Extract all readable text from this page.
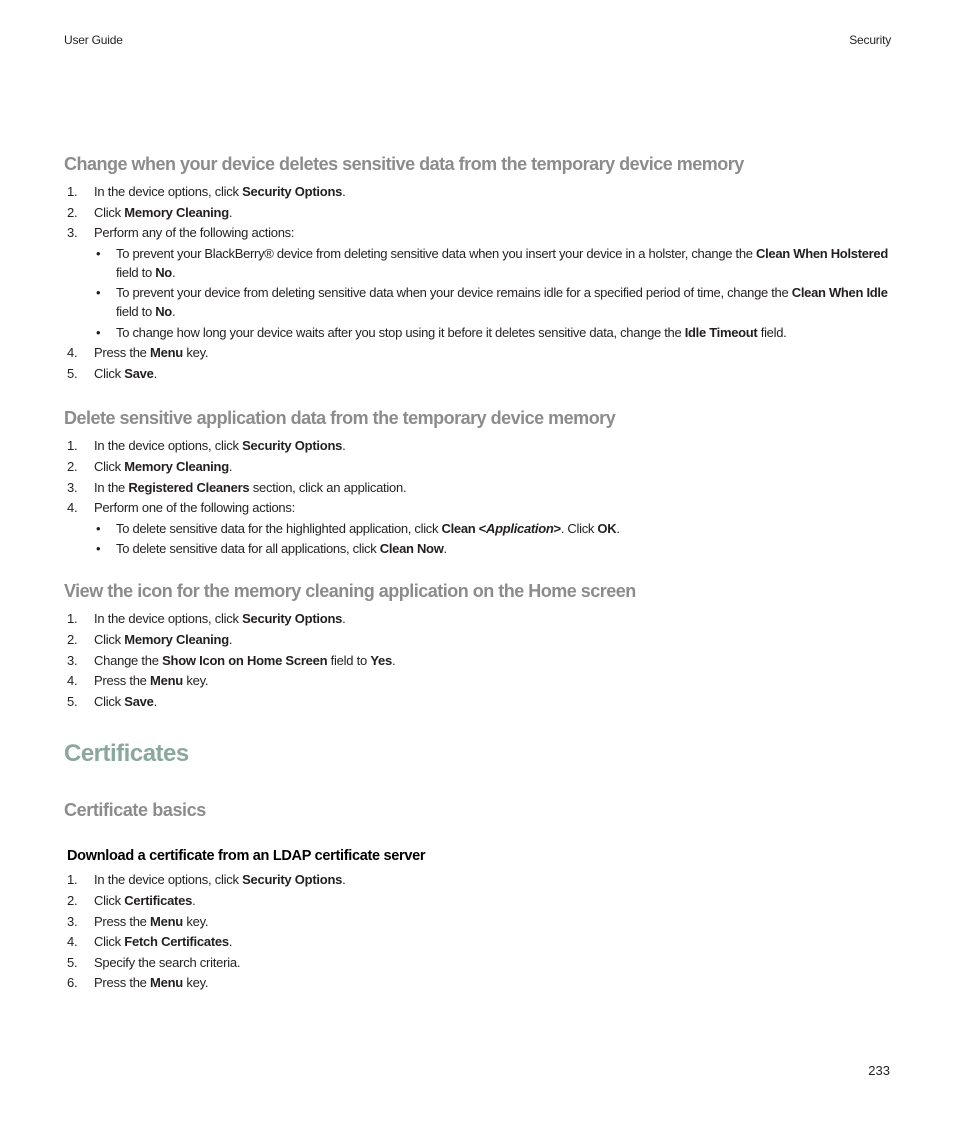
User Guide	Security
Change when your device deletes sensitive data from the temporary device memory
1. In the device options, click Security Options.
2. Click Memory Cleaning.
3. Perform any of the following actions:
• To prevent your BlackBerry® device from deleting sensitive data when you insert your device in a holster, change the Clean When Holstered field to No.
• To prevent your device from deleting sensitive data when your device remains idle for a specified period of time, change the Clean When Idle field to No.
• To change how long your device waits after you stop using it before it deletes sensitive data, change the Idle Timeout field.
4. Press the Menu key.
5. Click Save.
Delete sensitive application data from the temporary device memory
1. In the device options, click Security Options.
2. Click Memory Cleaning.
3. In the Registered Cleaners section, click an application.
4. Perform one of the following actions:
• To delete sensitive data for the highlighted application, click Clean <Application>. Click OK.
• To delete sensitive data for all applications, click Clean Now.
View the icon for the memory cleaning application on the Home screen
1. In the device options, click Security Options.
2. Click Memory Cleaning.
3. Change the Show Icon on Home Screen field to Yes.
4. Press the Menu key.
5. Click Save.
Certificates
Certificate basics
Download a certificate from an LDAP certificate server
1. In the device options, click Security Options.
2. Click Certificates.
3. Press the Menu key.
4. Click Fetch Certificates.
5. Specify the search criteria.
6. Press the Menu key.
233
